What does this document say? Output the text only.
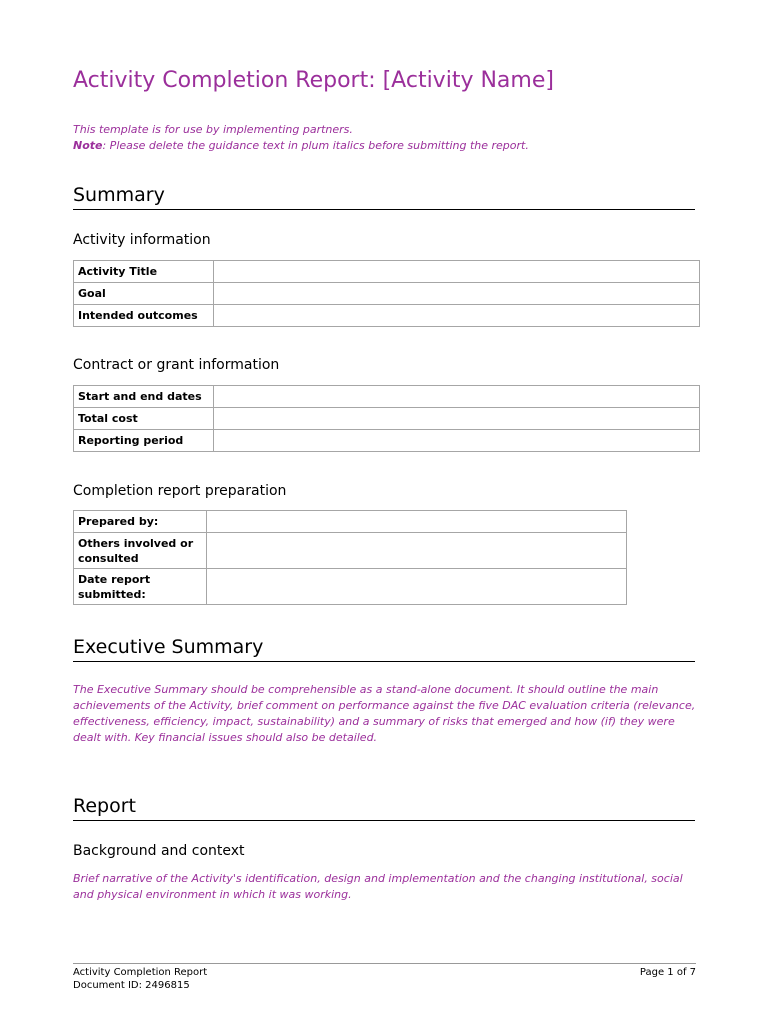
Activity Completion Report: [Activity Name]
This template is for use by implementing partners.
Note: Please delete the guidance text in plum italics before submitting the report.
Summary
Activity information
Activity Title	
Goal	
Intended outcomes	
Contract or grant information
Start and end dates	
Total cost	
Reporting period	
Completion report preparation
Prepared by:	
Others involved or consulted	
Date report submitted:	
Executive Summary
The Executive Summary should be comprehensible as a stand-alone document. It should outline the main achievements of the Activity, brief comment on performance against the five DAC evaluation criteria (relevance, effectiveness, efficiency, impact, sustainability) and a summary of risks that emerged and how (if) they were dealt with. Key financial issues should also be detailed.
Report
Background and context
Brief narrative of the Activity's identification, design and implementation and the changing institutional, social and physical environment in which it was working.
Activity Completion Report
Document ID: 2496815
Page 1 of 7
